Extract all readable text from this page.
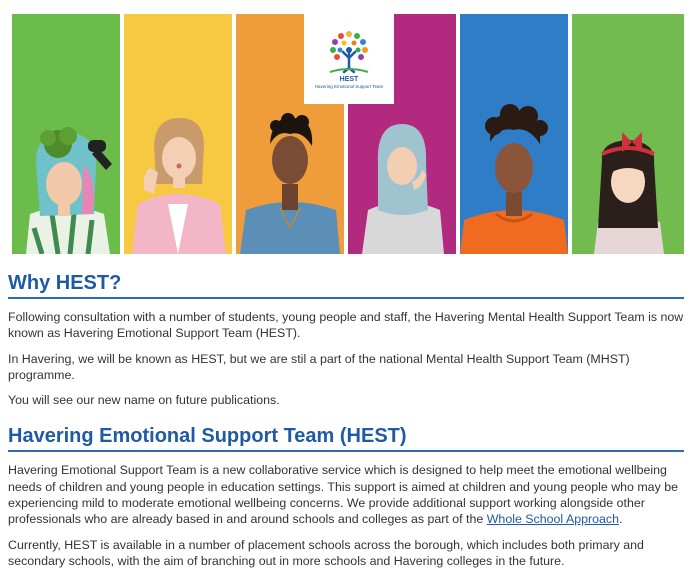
HEST
Havering Emotional Support Team
Why HEST?

Following consultation with a number of students, young people and staff, the Havering Mental Health Support Team is now known as Havering Emotional Support Team (HEST).

In Havering, we will be known as HEST, but we are stil a part of the national Mental Health Support Team (MHST) programme.

You will see our new name on future publications.

Havering Emotional Support Team (HEST)

Havering Emotional Support Team is a new collaborative service which is designed to help meet the emotional wellbeing needs of children and young people in education settings. This support is aimed at children and young people who may be experiencing mild to moderate emotional wellbeing concerns. We provide additional support working alongside other professionals who are already based in and around schools and colleges as part of the Whole School Approach.

Currently, HEST is available in a number of placement schools across the borough, which includes both primary and secondary schools, with the aim of branching out in more schools and Havering colleges in the future.
